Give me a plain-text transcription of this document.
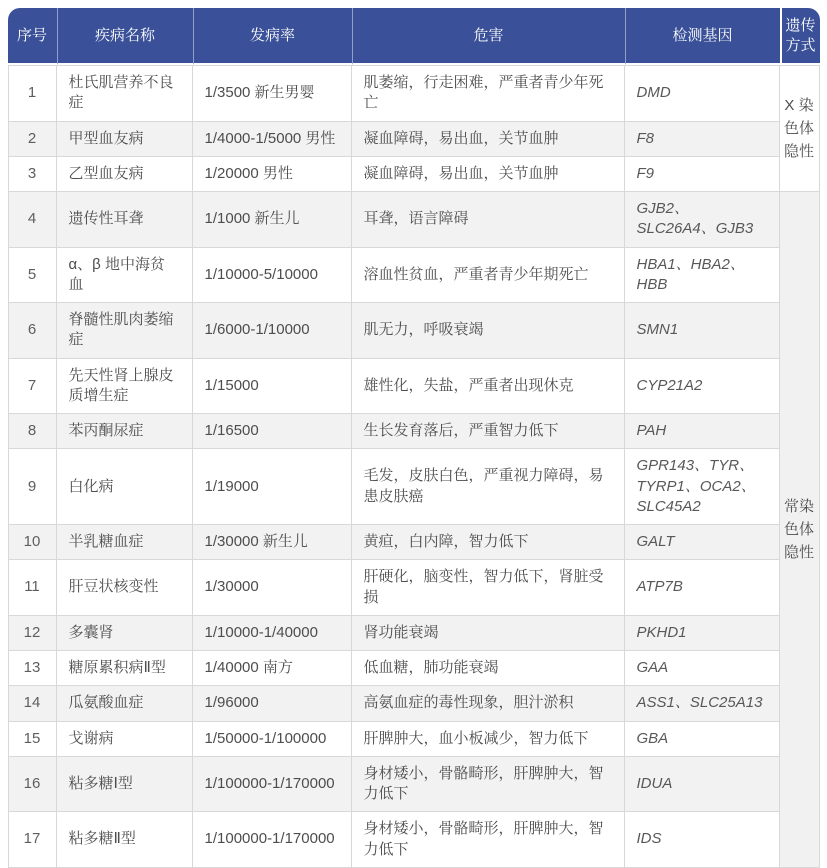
序号	疾病名称	发病率	危害	检测基因	遗传方式
1	杜氏肌营养不良症	1/3500 新生男婴	肌萎缩，行走困难，严重者青少年死亡	DMD	X 染色体隐性
2	甲型血友病	1/4000-1/5000 男性	凝血障碍，易出血，关节血肿	F8	
3	乙型血友病	1/20000 男性	凝血障碍，易出血，关节血肿	F9	
4	遗传性耳聋	1/1000 新生儿	耳聋，语言障碍	GJB2、SLC26A4、GJB3	常染色体隐性
5	α、β 地中海贫血	1/10000-5/10000	溶血性贫血，严重者青少年期死亡	HBA1、HBA2、HBB	
6	脊髓性肌肉萎缩症	1/6000-1/10000	肌无力，呼吸衰竭	SMN1	
7	先天性肾上腺皮质增生症	1/15000	雄性化，失盐，严重者出现休克	CYP21A2	
8	苯丙酮尿症	1/16500	生长发育落后，严重智力低下	PAH	
9	白化病	1/19000	毛发，皮肤白色，严重视力障碍，易患皮肤癌	GPR143、TYR、TYRP1、OCA2、SLC45A2	
10	半乳糖血症	1/30000 新生儿	黄疸，白内障，智力低下	GALT	
11	肝豆状核变性	1/30000	肝硬化，脑变性，智力低下，肾脏受损	ATP7B	
12	多囊肾	1/10000-1/40000	肾功能衰竭	PKHD1	
13	糖原累积病Ⅱ型	1/40000 南方	低血糖，肺功能衰竭	GAA	
14	瓜氨酸血症	1/96000	高氨血症的毒性现象，胆汁淤积	ASS1、SLC25A13	
15	戈谢病	1/50000-1/100000	肝脾肿大，血小板减少，智力低下	GBA	
16	粘多糖Ⅰ型	1/100000-1/170000	身材矮小，骨骼畸形，肝脾肿大，智力低下	IDUA	
17	粘多糖Ⅱ型	1/100000-1/170000	身材矮小，骨骼畸形，肝脾肿大，智力低下	IDS	
